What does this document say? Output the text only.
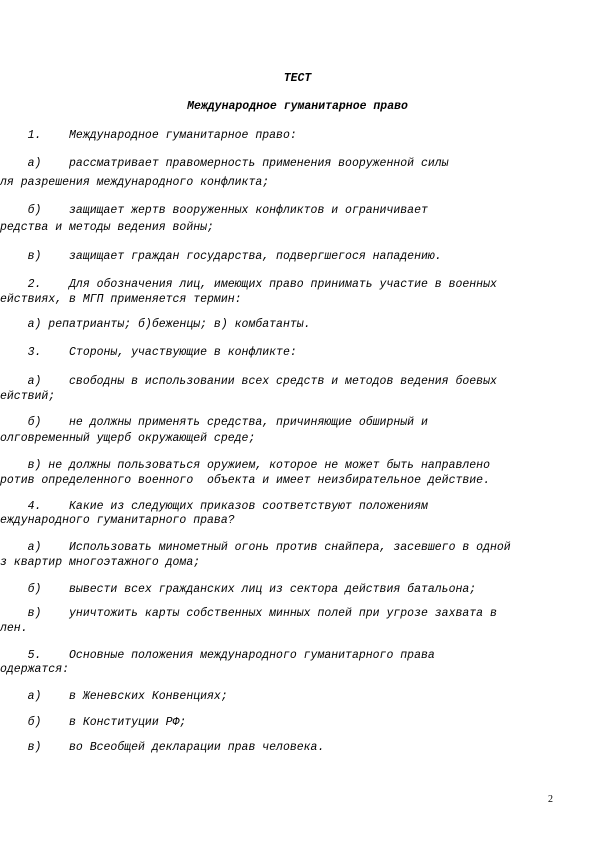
ТЕСТ
Международное гуманитарное право
1.    Международное гуманитарное право:
а)    рассматривает правомерность применения вооруженной силы
ля разрешения международного конфликта;
б)    защищает жертв вооруженных конфликтов и ограничивает
редства и методы ведения войны;
в)    защищает граждан государства, подвергшегося нападению.
2.    Для обозначения лиц, имеющих право принимать участие в военных
ействиях, в МГП применяется термин:
а) репатрианты; б)беженцы; в) комбатанты.
3.    Стороны, участвующие в конфликте:
а)    свободны в использовании всех средств и методов ведения боевых
ействий;
б)    не должны применять средства, причиняющие обширный и
олговременный ущерб окружающей среде;
в) не должны пользоваться оружием, которое не может быть направлено
ротив определенного военного  объекта и имеет неизбирательное действие.
4.    Какие из следующих приказов соответствуют положениям
еждународного гуманитарного права?
а)    Использовать минометный огонь против снайпера, засевшего в одной
з квартир многоэтажного дома;
б)    вывести всех гражданских лиц из сектора действия батальона;
в)    уничтожить карты собственных минных полей при угрозе захвата в
лен.
5.    Основные положения международного гуманитарного права
одержатся:
а)    в Женевских Конвенциях;
б)    в Конституции РФ;
в)    во Всеобщей декларации прав человека.
2
